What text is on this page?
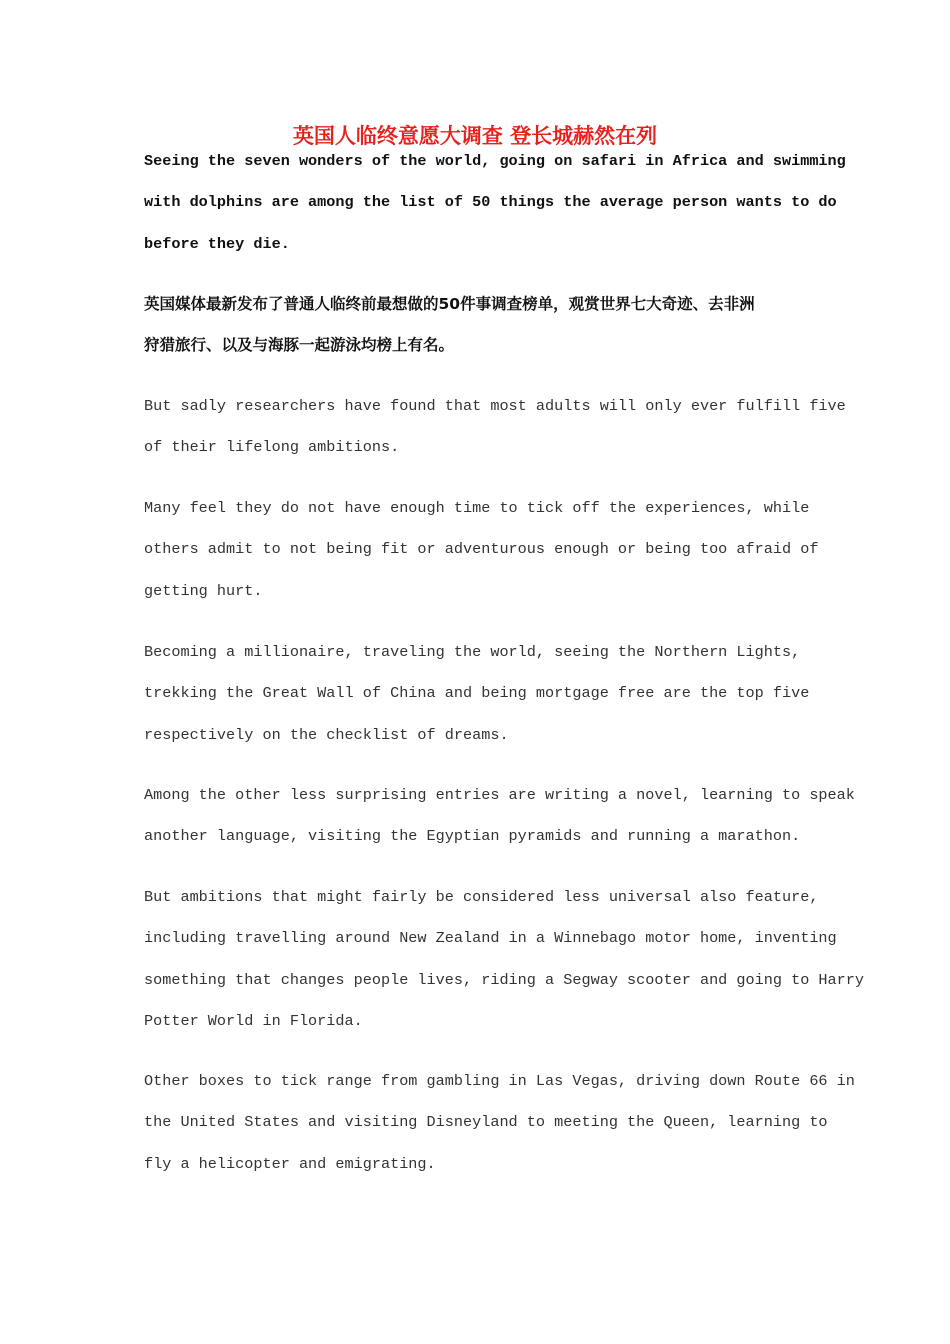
英国人临终意愿大调查 登长城赫然在列

Seeing the seven wonders of the world, going on safari in Africa and swimming
with dolphins are among the list of 50 things the average person wants to do
before they die.

英国媒体最新发布了普通人临终前最想做的50件事调查榜单，观赏世界七大奇迹、去非洲
狩猎旅行、以及与海豚一起游泳均榜上有名。

But sadly researchers have found that most adults will only ever fulfill five
of their lifelong ambitions.

Many feel they do not have enough time to tick off the experiences, while
others admit to not being fit or adventurous enough or being too afraid of
getting hurt.

Becoming a millionaire, traveling the world, seeing the Northern Lights,
trekking the Great Wall of China and being mortgage free are the top five
respectively on the checklist of dreams.

Among the other less surprising entries are writing a novel, learning to speak
another language, visiting the Egyptian pyramids and running a marathon.

But ambitions that might fairly be considered less universal also feature,
including travelling around New Zealand in a Winnebago motor home, inventing
something that changes people lives, riding a Segway scooter and going to Harry
Potter World in Florida.

Other boxes to tick range from gambling in Las Vegas, driving down Route 66 in
the United States and visiting Disneyland to meeting the Queen, learning to
fly a helicopter and emigrating.
